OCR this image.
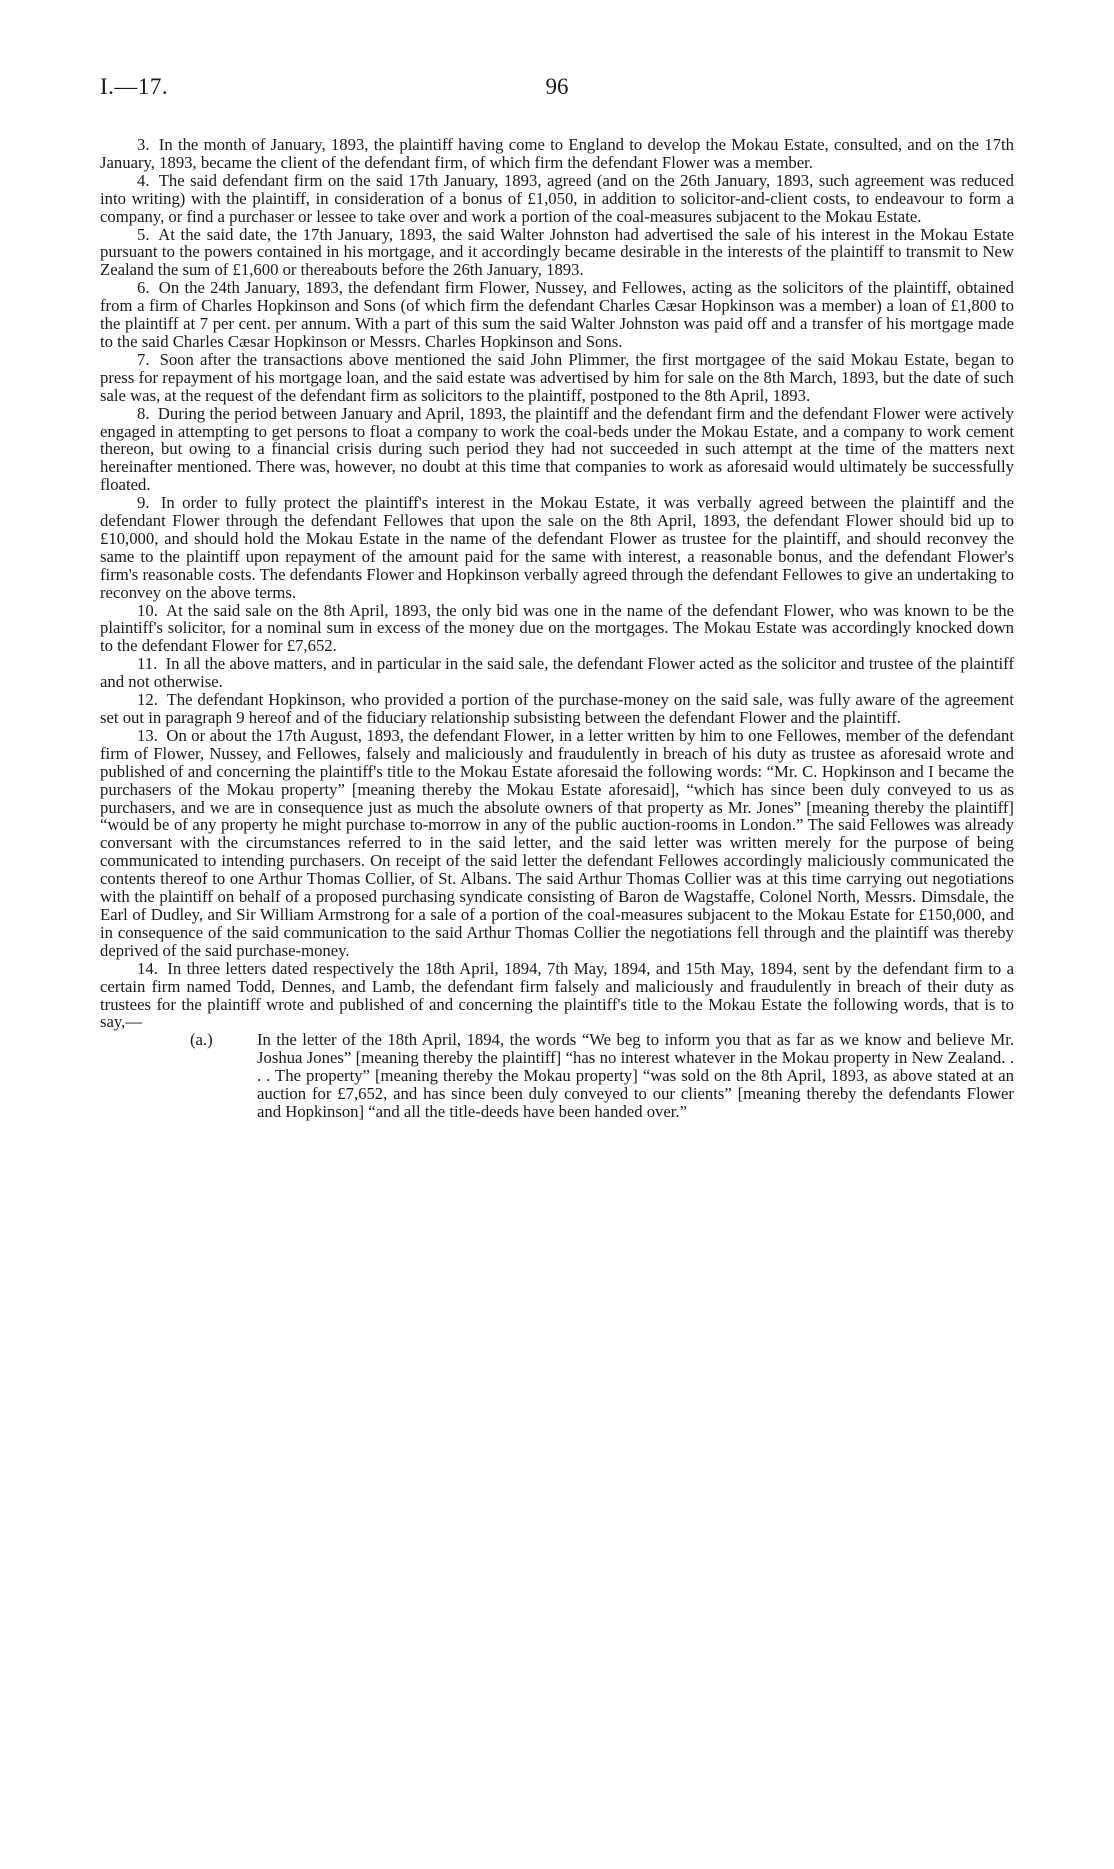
I.—17.	96

3. In the month of January, 1893, the plaintiff having come to England to develop the Mokau Estate, consulted, and on the 17th January, 1893, became the client of the defendant firm, of which firm the defendant Flower was a member.

4. The said defendant firm on the said 17th January, 1893, agreed (and on the 26th January, 1893, such agreement was reduced into writing) with the plaintiff, in consideration of a bonus of £1,050, in addition to solicitor-and-client costs, to endeavour to form a company, or find a purchaser or lessee to take over and work a portion of the coal-measures subjacent to the Mokau Estate.

5. At the said date, the 17th January, 1893, the said Walter Johnston had advertised the sale of his interest in the Mokau Estate pursuant to the powers contained in his mortgage, and it accordingly became desirable in the interests of the plaintiff to transmit to New Zealand the sum of £1,600 or thereabouts before the 26th January, 1893.

6. On the 24th January, 1893, the defendant firm Flower, Nussey, and Fellowes, acting as the solicitors of the plaintiff, obtained from a firm of Charles Hopkinson and Sons (of which firm the defendant Charles Cæsar Hopkinson was a member) a loan of £1,800 to the plaintiff at 7 per cent. per annum. With a part of this sum the said Walter Johnston was paid off and a transfer of his mortgage made to the said Charles Cæsar Hopkinson or Messrs. Charles Hopkinson and Sons.

7. Soon after the transactions above mentioned the said John Plimmer, the first mortgagee of the said Mokau Estate, began to press for repayment of his mortgage loan, and the said estate was advertised by him for sale on the 8th March, 1893, but the date of such sale was, at the request of the defendant firm as solicitors to the plaintiff, postponed to the 8th April, 1893.

8. During the period between January and April, 1893, the plaintiff and the defendant firm and the defendant Flower were actively engaged in attempting to get persons to float a company to work the coal-beds under the Mokau Estate, and a company to work cement thereon, but owing to a financial crisis during such period they had not succeeded in such attempt at the time of the matters next hereinafter mentioned. There was, however, no doubt at this time that companies to work as aforesaid would ultimately be successfully floated.

9. In order to fully protect the plaintiff's interest in the Mokau Estate, it was verbally agreed between the plaintiff and the defendant Flower through the defendant Fellowes that upon the sale on the 8th April, 1893, the defendant Flower should bid up to £10,000, and should hold the Mokau Estate in the name of the defendant Flower as trustee for the plaintiff, and should reconvey the same to the plaintiff upon repayment of the amount paid for the same with interest, a reasonable bonus, and the defendant Flower's firm's reasonable costs. The defendants Flower and Hopkinson verbally agreed through the defendant Fellowes to give an undertaking to reconvey on the above terms.

10. At the said sale on the 8th April, 1893, the only bid was one in the name of the defendant Flower, who was known to be the plaintiff's solicitor, for a nominal sum in excess of the money due on the mortgages. The Mokau Estate was accordingly knocked down to the defendant Flower for £7,652.

11. In all the above matters, and in particular in the said sale, the defendant Flower acted as the solicitor and trustee of the plaintiff and not otherwise.

12. The defendant Hopkinson, who provided a portion of the purchase-money on the said sale, was fully aware of the agreement set out in paragraph 9 hereof and of the fiduciary relationship subsisting between the defendant Flower and the plaintiff.

13. On or about the 17th August, 1893, the defendant Flower, in a letter written by him to one Fellowes, member of the defendant firm of Flower, Nussey, and Fellowes, falsely and maliciously and fraudulently in breach of his duty as trustee as aforesaid wrote and published of and concerning the plaintiff's title to the Mokau Estate aforesaid the following words: “Mr. C. Hopkinson and I became the purchasers of the Mokau property” [meaning thereby the Mokau Estate aforesaid], “which has since been duly conveyed to us as purchasers, and we are in consequence just as much the absolute owners of that property as Mr. Jones” [meaning thereby the plaintiff] “would be of any property he might purchase to-morrow in any of the public auction-rooms in London.” The said Fellowes was already conversant with the circumstances referred to in the said letter, and the said letter was written merely for the purpose of being communicated to intending purchasers. On receipt of the said letter the defendant Fellowes accordingly maliciously communicated the contents thereof to one Arthur Thomas Collier, of St. Albans. The said Arthur Thomas Collier was at this time carrying out negotiations with the plaintiff on behalf of a proposed purchasing syndicate consisting of Baron de Wagstaffe, Colonel North, Messrs. Dimsdale, the Earl of Dudley, and Sir William Armstrong for a sale of a portion of the coal-measures subjacent to the Mokau Estate for £150,000, and in consequence of the said communication to the said Arthur Thomas Collier the negotiations fell through and the plaintiff was thereby deprived of the said purchase-money.

14. In three letters dated respectively the 18th April, 1894, 7th May, 1894, and 15th May, 1894, sent by the defendant firm to a certain firm named Todd, Dennes, and Lamb, the defendant firm falsely and maliciously and fraudulently in breach of their duty as trustees for the plaintiff wrote and published of and concerning the plaintiff's title to the Mokau Estate the following words, that is to say,—

(a.)	In the letter of the 18th April, 1894, the words “We beg to inform you that as far as we know and believe Mr. Joshua Jones” [meaning thereby the plaintiff] “has no interest whatever in the Mokau property in New Zealand. . . . The property” [meaning thereby the Mokau property] “was sold on the 8th April, 1893, as above stated at an auction for £7,652, and has since been duly conveyed to our clients” [meaning thereby the defendants Flower and Hopkinson] “and all the title-deeds have been handed over.”
